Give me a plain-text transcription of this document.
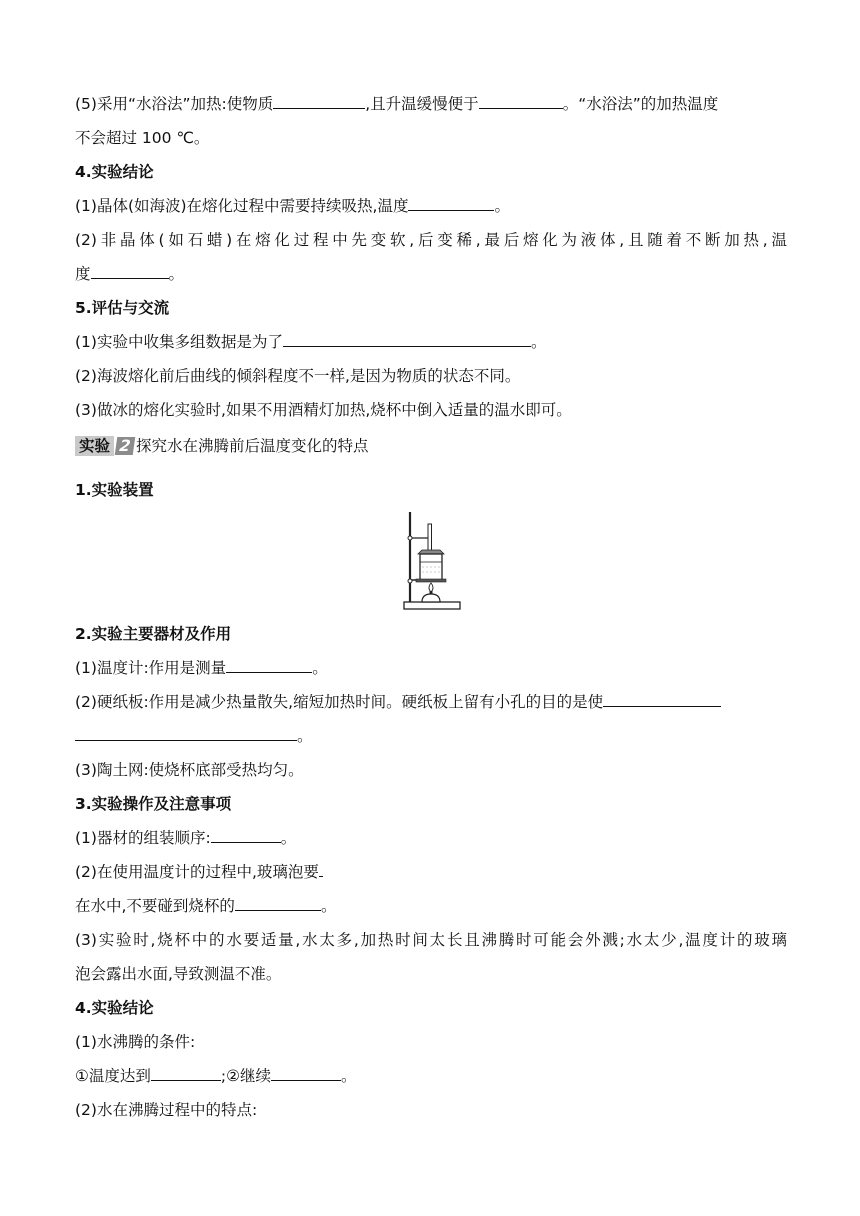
(5)采用“水浴法”加热:使物质	,且升温缓慢便于	。“水浴法”的加热温度
不会超过 100 ℃。
4.实验结论
(1)晶体(如海波)在熔化过程中需要持续吸热,温度	。
(2)非晶体(如石蜡)在熔化过程中先变软,后变稀,最后熔化为液体,且随着不断加热,温
度	。
5.评估与交流
(1)实验中收集多组数据是为了	。
(2)海波熔化前后曲线的倾斜程度不一样,是因为物质的状态不同。
(3)做冰的熔化实验时,如果不用酒精灯加热,烧杯中倒入适量的温水即可。
实验 2 探究水在沸腾前后温度变化的特点
1.实验装置
2.实验主要器材及作用
(1)温度计:作用是测量	。
(2)硬纸板:作用是减少热量散失,缩短加热时间。硬纸板上留有小孔的目的是使
。
(3)陶土网:使烧杯底部受热均匀。
3.实验操作及注意事项
(1)器材的组装顺序:	。
(2)在使用温度计的过程中,玻璃泡要
在水中,不要碰到烧杯的	。
(3)实验时,烧杯中的水要适量,水太多,加热时间太长且沸腾时可能会外溅;水太少,温度计的玻璃
泡会露出水面,导致测温不准。
4.实验结论
(1)水沸腾的条件:
①温度达到	;②继续	。
(2)水在沸腾过程中的特点:
